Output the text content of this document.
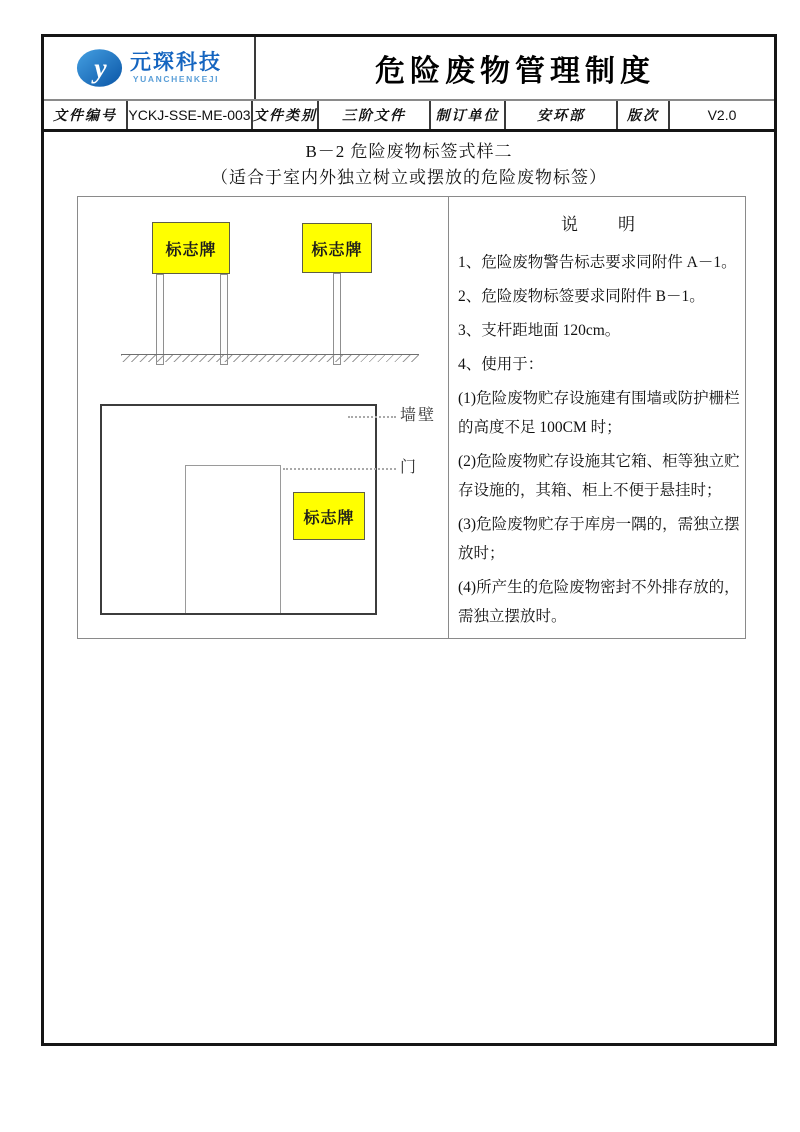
y 元琛科技
YUANCHENKEJI	危险废物管理制度
文件编号 YCKJ-SSE-ME-003 文件类别	三阶文件	制订单位	安环部	版次	V2.0
B－2 危险废物标签式样二
（适合于室内外独立树立或摆放的危险废物标签）
标志牌	标志牌
标志牌
墙壁
门
说　　明
1、危险废物警告标志要求同附件 A－1。
2、危险废物标签要求同附件 B－1。
3、支杆距地面 120cm。
4、使用于：
(1)危险废物贮存设施建有围墙或防护栅栏的高度不足 100CM 时；
(2)危险废物贮存设施其它箱、柜等独立贮存设施的，其箱、柜上不便于悬挂时；
(3)危险废物贮存于库房一隅的，需独立摆放时；
(4)所产生的危险废物密封不外排存放的，需独立摆放时。
